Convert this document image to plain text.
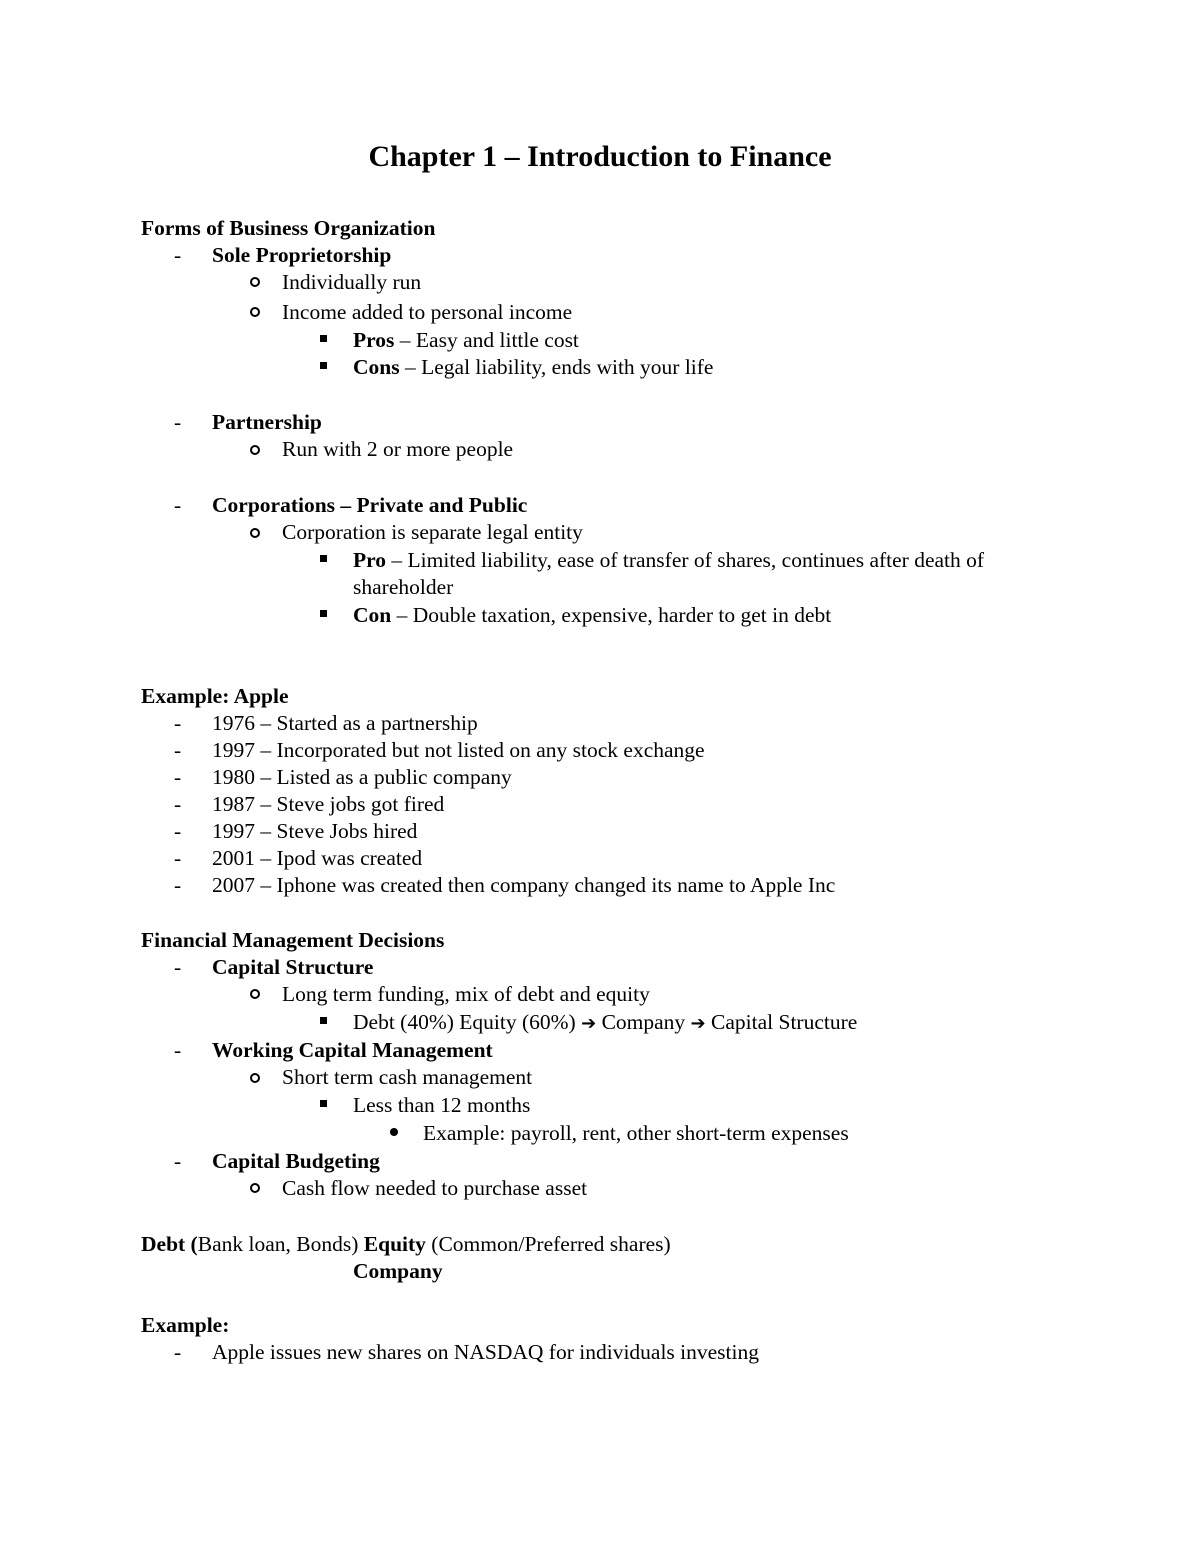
Chapter 1 – Introduction to Finance
Forms of Business Organization
- Sole Proprietorship
Individually run
Income added to personal income
Pros – Easy and little cost
Cons – Legal liability, ends with your life
- Partnership
Run with 2 or more people
- Corporations – Private and Public
Corporation is separate legal entity
Pro – Limited liability, ease of transfer of shares, continues after death of
shareholder
Con – Double taxation, expensive, harder to get in debt
Example: Apple
- 1976 – Started as a partnership
- 1997 – Incorporated but not listed on any stock exchange
- 1980 – Listed as a public company
- 1987 – Steve jobs got fired
- 1997 – Steve Jobs hired
- 2001 – Ipod was created
- 2007 – Iphone was created then company changed its name to Apple Inc
Financial Management Decisions
- Capital Structure
Long term funding, mix of debt and equity
Debt (40%) Equity (60%) ➔ Company ➔ Capital Structure
- Working Capital Management
Short term cash management
Less than 12 months
Example: payroll, rent, other short-term expenses
- Capital Budgeting
Cash flow needed to purchase asset
Debt (Bank loan, Bonds) Equity (Common/Preferred shares)
Company
Example:
- Apple issues new shares on NASDAQ for individuals investing
